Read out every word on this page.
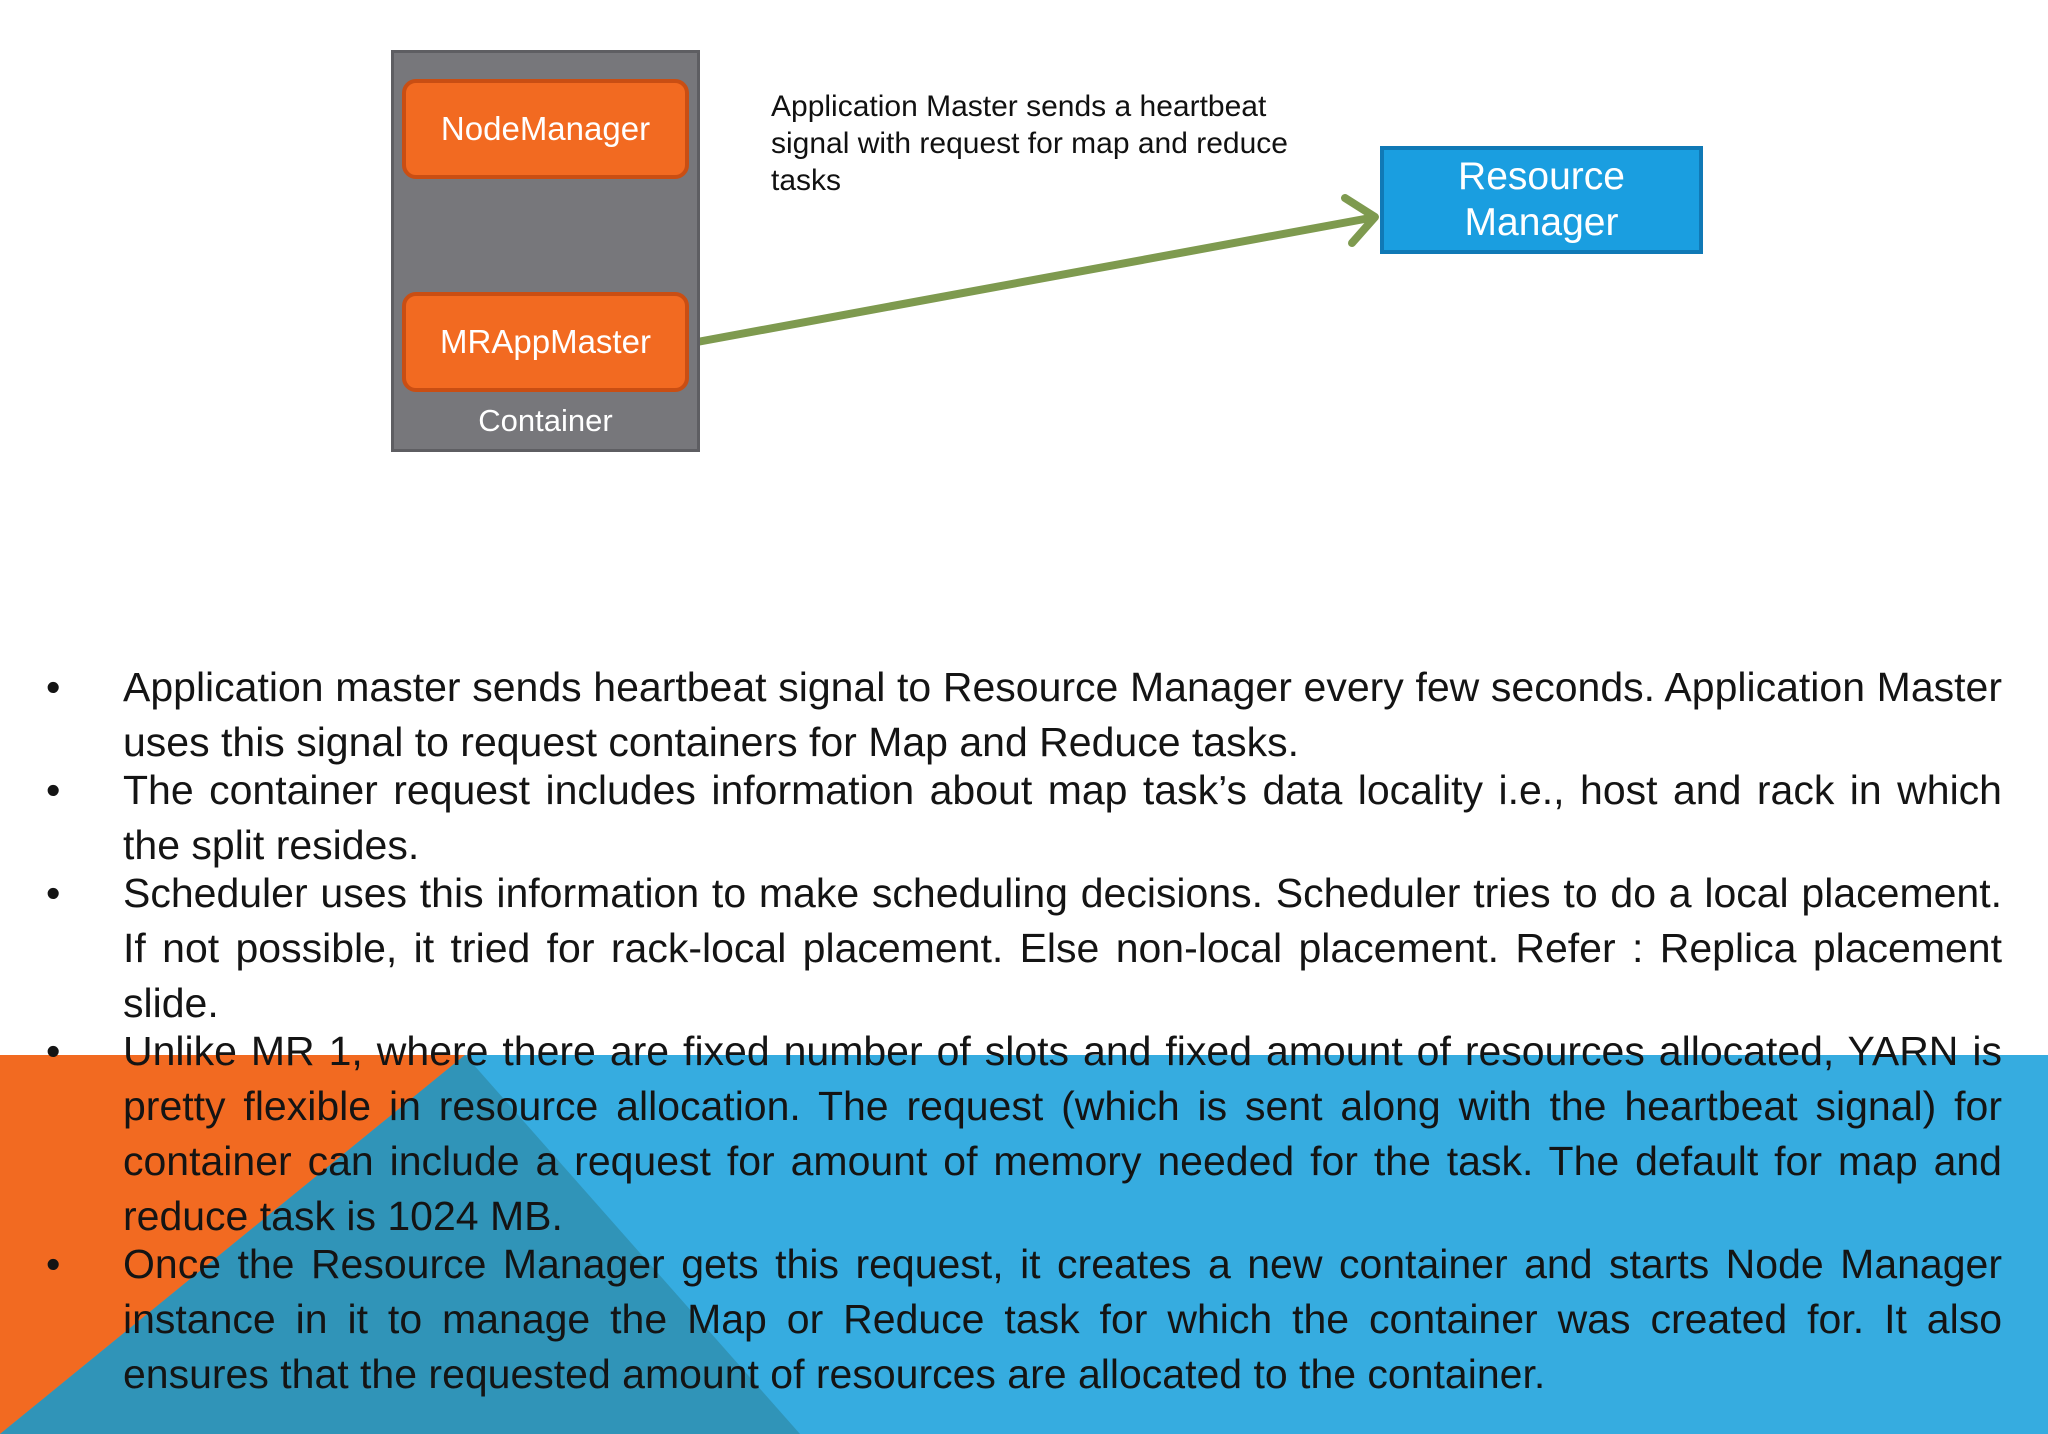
NodeManager
MRAppMaster
Container
Application Master sends a heartbeat signal with request for map and reduce tasks	Resource Manager
• Application master sends heartbeat signal to Resource Manager every few seconds. Application Master uses this signal to request containers for Map and Reduce tasks.
• The container request includes information about map task’s data locality i.e., host and rack in which the split resides.
• Scheduler uses this information to make scheduling decisions. Scheduler tries to do a local placement. If not possible, it tried for rack-local placement. Else non-local placement. Refer : Replica placement slide.
• Unlike MR 1, where there are fixed number of slots and fixed amount of resources allocated, YARN is pretty flexible in resource allocation. The request (which is sent along with the heartbeat signal) for container can include a request for amount of memory needed for the task. The default for map and reduce task is 1024 MB.
• Once the Resource Manager gets this request, it creates a new container and starts Node Manager instance in it to manage the Map or Reduce task for which the container was created for. It also ensures that the requested amount of resources are allocated to the container.
